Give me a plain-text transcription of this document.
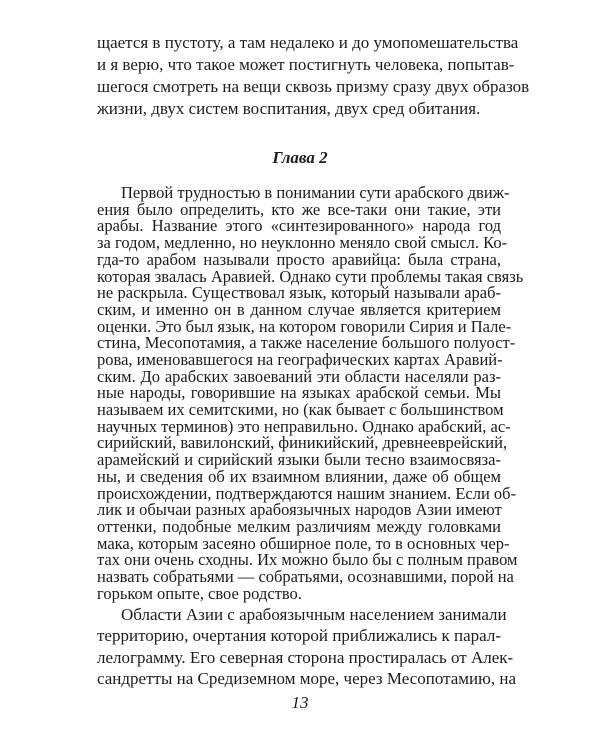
щается в пустоту, а там недалеко и до умопомешательства
и я верю, что такое может постигнуть человека, попытав-
шегося смотреть на вещи сквозь призму сразу двух образов
жизни, двух систем воспитания, двух сред обитания.
Глава 2
Первой трудностью в понимании сути арабского движ-
ения было определить, кто же все-таки они такие, эти
арабы. Название этого «синтезированного» народа год
за годом, медленно, но неуклонно меняло свой смысл. Ко-
гда-то арабом называли просто аравийца: была страна,
которая звалась Аравией. Однако сути проблемы такая связь
не раскрыла. Существовал язык, который называли араб-
ским, и именно он в данном случае является критерием
оценки. Это был язык, на котором говорили Сирия и Пале-
стина, Месопотамия, а также население большого полуост-
рова, именовавшегося на географических картах Аравий-
ским. До арабских завоеваний эти области населяли раз-
ные народы, говорившие на языках арабской семьи. Мы
называем их семитскими, но (как бывает с большинством
научных терминов) это неправильно. Однако арабский, ас-
сирийский, вавилонский, финикийский, древнееврейский,
арамейский и сирийский языки были тесно взаимосвяза-
ны, и сведения об их взаимном влиянии, даже об общем
происхождении, подтверждаются нашим знанием. Если об-
лик и обычаи разных арабоязычных народов Азии имеют
оттенки, подобные мелким различиям между головками
мака, которым засеяно обширное поле, то в основных чер-
тах они очень сходны. Их можно было бы с полным правом
назвать собратьями — собратьями, осознавшими, порой на
горьком опыте, свое родство.
Области Азии с арабоязычным населением занимали
территорию, очертания которой приближались к парал-
лелограмму. Его северная сторона простиралась от Алек-
сандретты на Средиземном море, через Месопотамию, на
13
